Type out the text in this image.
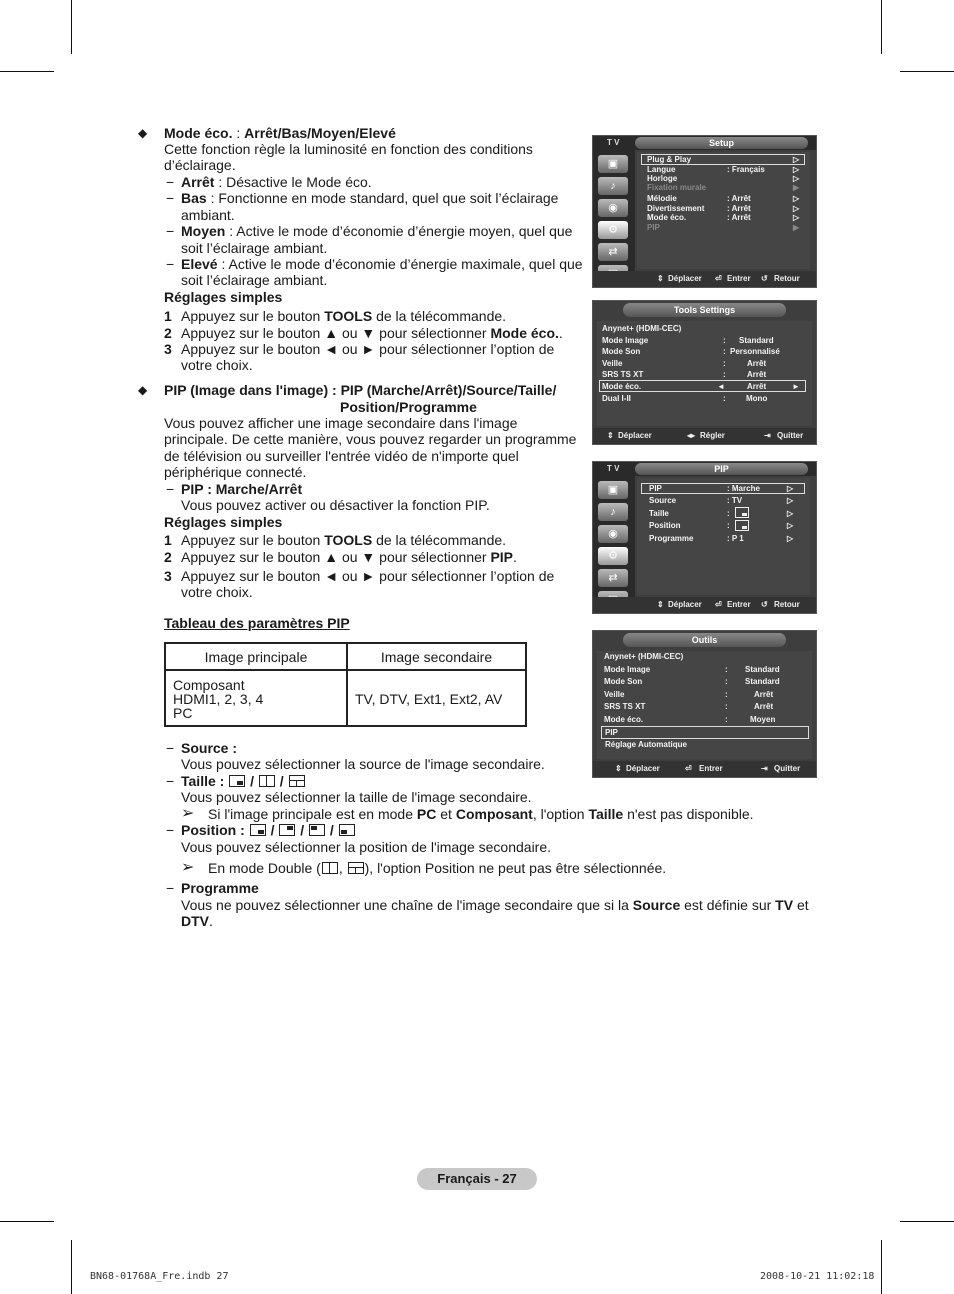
◆ Mode éco. : Arrêt/Bas/Moyen/Elevé
Cette fonction règle la luminosité en fonction des conditions
d’éclairage.
− Arrêt : Désactive le Mode éco.
− Bas : Fonctionne en mode standard, quel que soit l’éclairage
ambiant.
− Moyen : Active le mode d’économie d’énergie moyen, quel que
soit l’éclairage ambiant.
− Elevé : Active le mode d’économie d’énergie maximale, quel que
soit l’éclairage ambiant.
Réglages simples
1 Appuyez sur le bouton TOOLS de la télécommande.
2 Appuyez sur le bouton ▲ ou ▼ pour sélectionner Mode éco..
3 Appuyez sur le bouton ◄ ou ► pour sélectionner l’option de
votre choix.
◆ PIP (Image dans l'image) : PIP (Marche/Arrêt)/Source/Taille/
Position/Programme
Vous pouvez afficher une image secondaire dans l'image
principale. De cette manière, vous pouvez regarder un programme
de télévision ou surveiller l'entrée vidéo de n'importe quel
périphérique connecté.
− PIP : Marche/Arrêt
Vous pouvez activer ou désactiver la fonction PIP.
Réglages simples
1 Appuyez sur le bouton TOOLS de la télécommande.
2 Appuyez sur le bouton ▲ ou ▼ pour sélectionner PIP.
3 Appuyez sur le bouton ◄ ou ► pour sélectionner l’option de
votre choix.
Tableau des paramètres PIP
Image principale	Image secondaire
Composant
HDMI1, 2, 3, 4
PC
TV, DTV, Ext1, Ext2, AV
− Source :
Vous pouvez sélectionner la source de l'image secondaire.
− Taille : / /
Vous pouvez sélectionner la taille de l'image secondaire.
➢ Si l'image principale est en mode PC et Composant, l'option Taille n'est pas disponible.
− Position : / / /
Vous pouvez sélectionner la position de l'image secondaire.
➢ En mode Double ( ,
), l'option Position ne peut pas être sélectionnée.
− Programme
Vous ne pouvez sélectionner une chaîne de l'image secondaire que si la Source est définie sur TV et
DTV.
T V	Setup
▣
♪
◉
⚙
⇄
Plug & Play
Langue	: Français
Horloge
Fixation murale
Mélodie	: Arrêt
Divertissement	: Arrêt
Mode éco.	: Arrêt
PIP
▷
▷
▷
▶
▷
▷
▷
▶
⇕ Déplacer ⏎ Entrer ↺ Retour
Tools Settings
Anynet+ (HDMI-CEC)
Mode Image	: Standard
Mode Son	: Personnalisé
Veille	:	Arrêt
SRS TS XT	:	Arrêt
Mode éco.	◄	Arrêt	►
Dual I-II	:	Mono
⇕ Déplacer	◂▸ Régler	⇥ Quitter
T V	PIP
▣
♪
◉
⚙
⇄
PIP	: Marche
Source	: TV
Taille	:
Position	:
Programme	: P 1
▷
▷
▷
▷
▷
⇕ Déplacer ⏎ Entrer ↺ Retour
Outils
Anynet+ (HDMI-CEC)
Mode Image	: Standard
Mode Son	: Standard
Veille	:	Arrêt
SRS TS XT	:	Arrêt
Mode éco.	:	Moyen
PIP
Réglage Automatique
⇕ Déplacer	⏎ Entrer	⇥ Quitter
Français - 27
BN68-01768A_Fre.indb 27	2008-10-21 11:02:18
